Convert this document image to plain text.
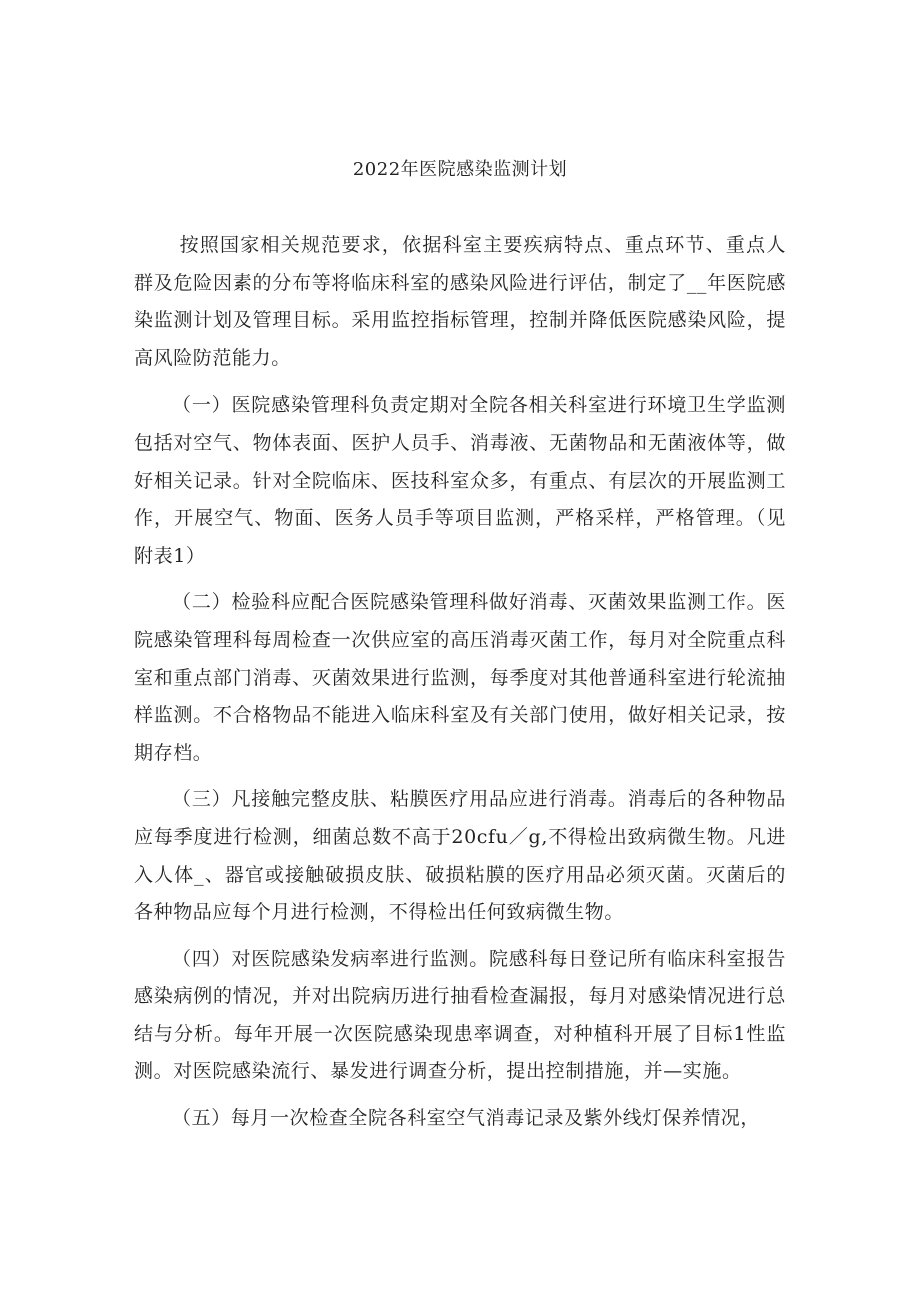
2022年医院感染监测计划

按照国家相关规范要求，依据科室主要疾病特点、重点环节、重点人群及危险因素的分布等将临床科室的感染风险进行评估，制定了__年医院感染监测计划及管理目标。采用监控指标管理，控制并降低医院感染风险，提高风险防范能力。

（一）医院感染管理科负责定期对全院各相关科室进行环境卫生学监测包括对空气、物体表面、医护人员手、消毒液、无菌物品和无菌液体等，做好相关记录。针对全院临床、医技科室众多，有重点、有层次的开展监测工作，开展空气、物面、医务人员手等项目监测，严格采样，严格管理。（见附表1）

（二）检验科应配合医院感染管理科做好消毒、灭菌效果监测工作。医院感染管理科每周检查一次供应室的高压消毒灭菌工作，每月对全院重点科室和重点部门消毒、灭菌效果进行监测，每季度对其他普通科室进行轮流抽样监测。不合格物品不能进入临床科室及有关部门使用，做好相关记录，按期存档。

（三）凡接触完整皮肤、粘膜医疗用品应进行消毒。消毒后的各种物品应每季度进行检测，细菌总数不高于20cfu／g,不得检出致病微生物。凡进入人体_、器官或接触破损皮肤、破损粘膜的医疗用品必须灭菌。灭菌后的各种物品应每个月进行检测，不得检出任何致病微生物。

（四）对医院感染发病率进行监测。院感科每日登记所有临床科室报告感染病例的情况，并对出院病历进行抽看检查漏报，每月对感染情况进行总结与分析。每年开展一次医院感染现患率调查，对种植科开展了目标1性监测。对医院感染流行、暴发进行调查分析，提出控制措施，并—实施。

（五）每月一次检查全院各科室空气消毒记录及紫外线灯保养情况，
